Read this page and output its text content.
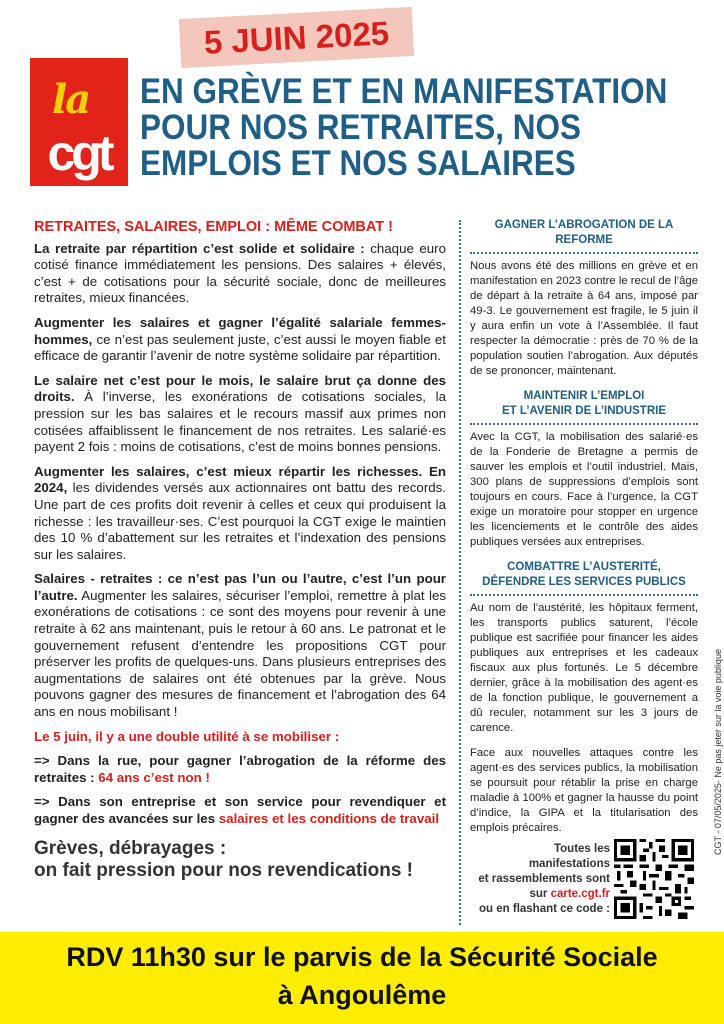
5 JUIN 2025
la
cgt
EN GRÈVE ET EN MANIFESTATION
POUR NOS RETRAITES, NOS
EMPLOIS ET NOS SALAIRES
RETRAITES, SALAIRES, EMPLOI : MÊME COMBAT !

La retraite par répartition c’est solide et solidaire : chaque euro cotisé finance immédiatement les pensions. Des salaires + élevés, c’est + de cotisations pour la sécurité sociale, donc de meilleures retraites, mieux financées.

Augmenter les salaires et gagner l’égalité salariale femmes-hommes, ce n’est pas seulement juste, c’est aussi le moyen fiable et efficace de garantir l’avenir de notre système solidaire par répartition.

Le salaire net c’est pour le mois, le salaire brut ça donne des droits. À l’inverse, les exonérations de cotisations sociales, la pression sur les bas salaires et le recours massif aux primes non cotisées affaiblissent le financement de nos retraites. Les salarié·es payent 2 fois : moins de cotisations, c’est de moins bonnes pensions.

Augmenter les salaires, c’est mieux répartir les richesses. En 2024, les dividendes versés aux actionnaires ont battu des records. Une part de ces profits doit revenir à celles et ceux qui produisent la richesse : les travailleur·ses. C’est pourquoi la CGT exige le maintien des 10 % d’abattement sur les retraites et l’indexation des pensions sur les salaires.

Salaires - retraites : ce n’est pas l’un ou l’autre, c’est l’un pour l’autre. Augmenter les salaires, sécuriser l’emploi, remettre à plat les exonérations de cotisations : ce sont des moyens pour revenir à une retraite à 62 ans maintenant, puis le retour à 60 ans. Le patronat et le gouvernement refusent d’entendre les propositions CGT pour préserver les profits de quelques-uns. Dans plusieurs entreprises des augmentations de salaires ont été obtenues par la grève. Nous pouvons gagner des mesures de financement et l’abrogation des 64 ans en nous mobilisant !

Le 5 juin, il y a une double utilité à se mobiliser :

=> Dans la rue, pour gagner l’abrogation de la réforme des retraites : 64 ans c’est non !

=> Dans son entreprise et son service pour revendiquer et gagner des avancées sur les salaires et les conditions de travail

Grèves, débrayages :
on fait pression pour nos revendications !
GAGNER L’ABROGATION DE LA REFORME

Nous avons été des millions en grève et en manifestation en 2023 contre le recul de l’âge de départ à la retraite à 64 ans, imposé par 49-3. Le gouvernement est fragile, le 5 juin il y aura enfin un vote à l’Assemblée. Il faut respecter la démocratie : près de 70 % de la population soutien l’abrogation. Aux députés de se prononcer, maintenant.

MAINTENIR L’EMPLOI
ET L’AVENIR DE L’INDUSTRIE

Avec la CGT, la mobilisation des salarié·es de la Fonderie de Bretagne a permis de sauver les emplois et l’outil industriel. Mais, 300 plans de suppressions d’emplois sont toujours en cours. Face à l’urgence, la CGT exige un moratoire pour stopper en urgence les licenciements et le contrôle des aides publiques versées aux entreprises.

COMBATTRE L’AUSTERITÉ,
DÉFENDRE LES SERVICES PUBLICS

Au nom de l’austérité, les hôpitaux ferment, les transports publics saturent, l’école publique est sacrifiée pour financer les aides publiques aux entreprises et les cadeaux fiscaux aux plus fortunés. Le 5 décembre dernier, grâce à la mobilisation des agent·es de la fonction publique, le gouvernement a dû reculer, notamment sur les 3 jours de carence.

Face aux nouvelles attaques contre les agent·es des services publics, la mobilisation se poursuit pour rétablir la prise en charge maladie à 100% et gagner la hausse du point d’indice, la GIPA et la titularisation des emplois précaires.

Toutes les manifestations
et rassemblements sont
sur carte.cgt.fr
ou en flashant ce code :
CGT - 07/05/2025- Ne pas jeter sur la voie publique
RDV 11h30 sur le parvis de la Sécurité Sociale
à Angoulême
